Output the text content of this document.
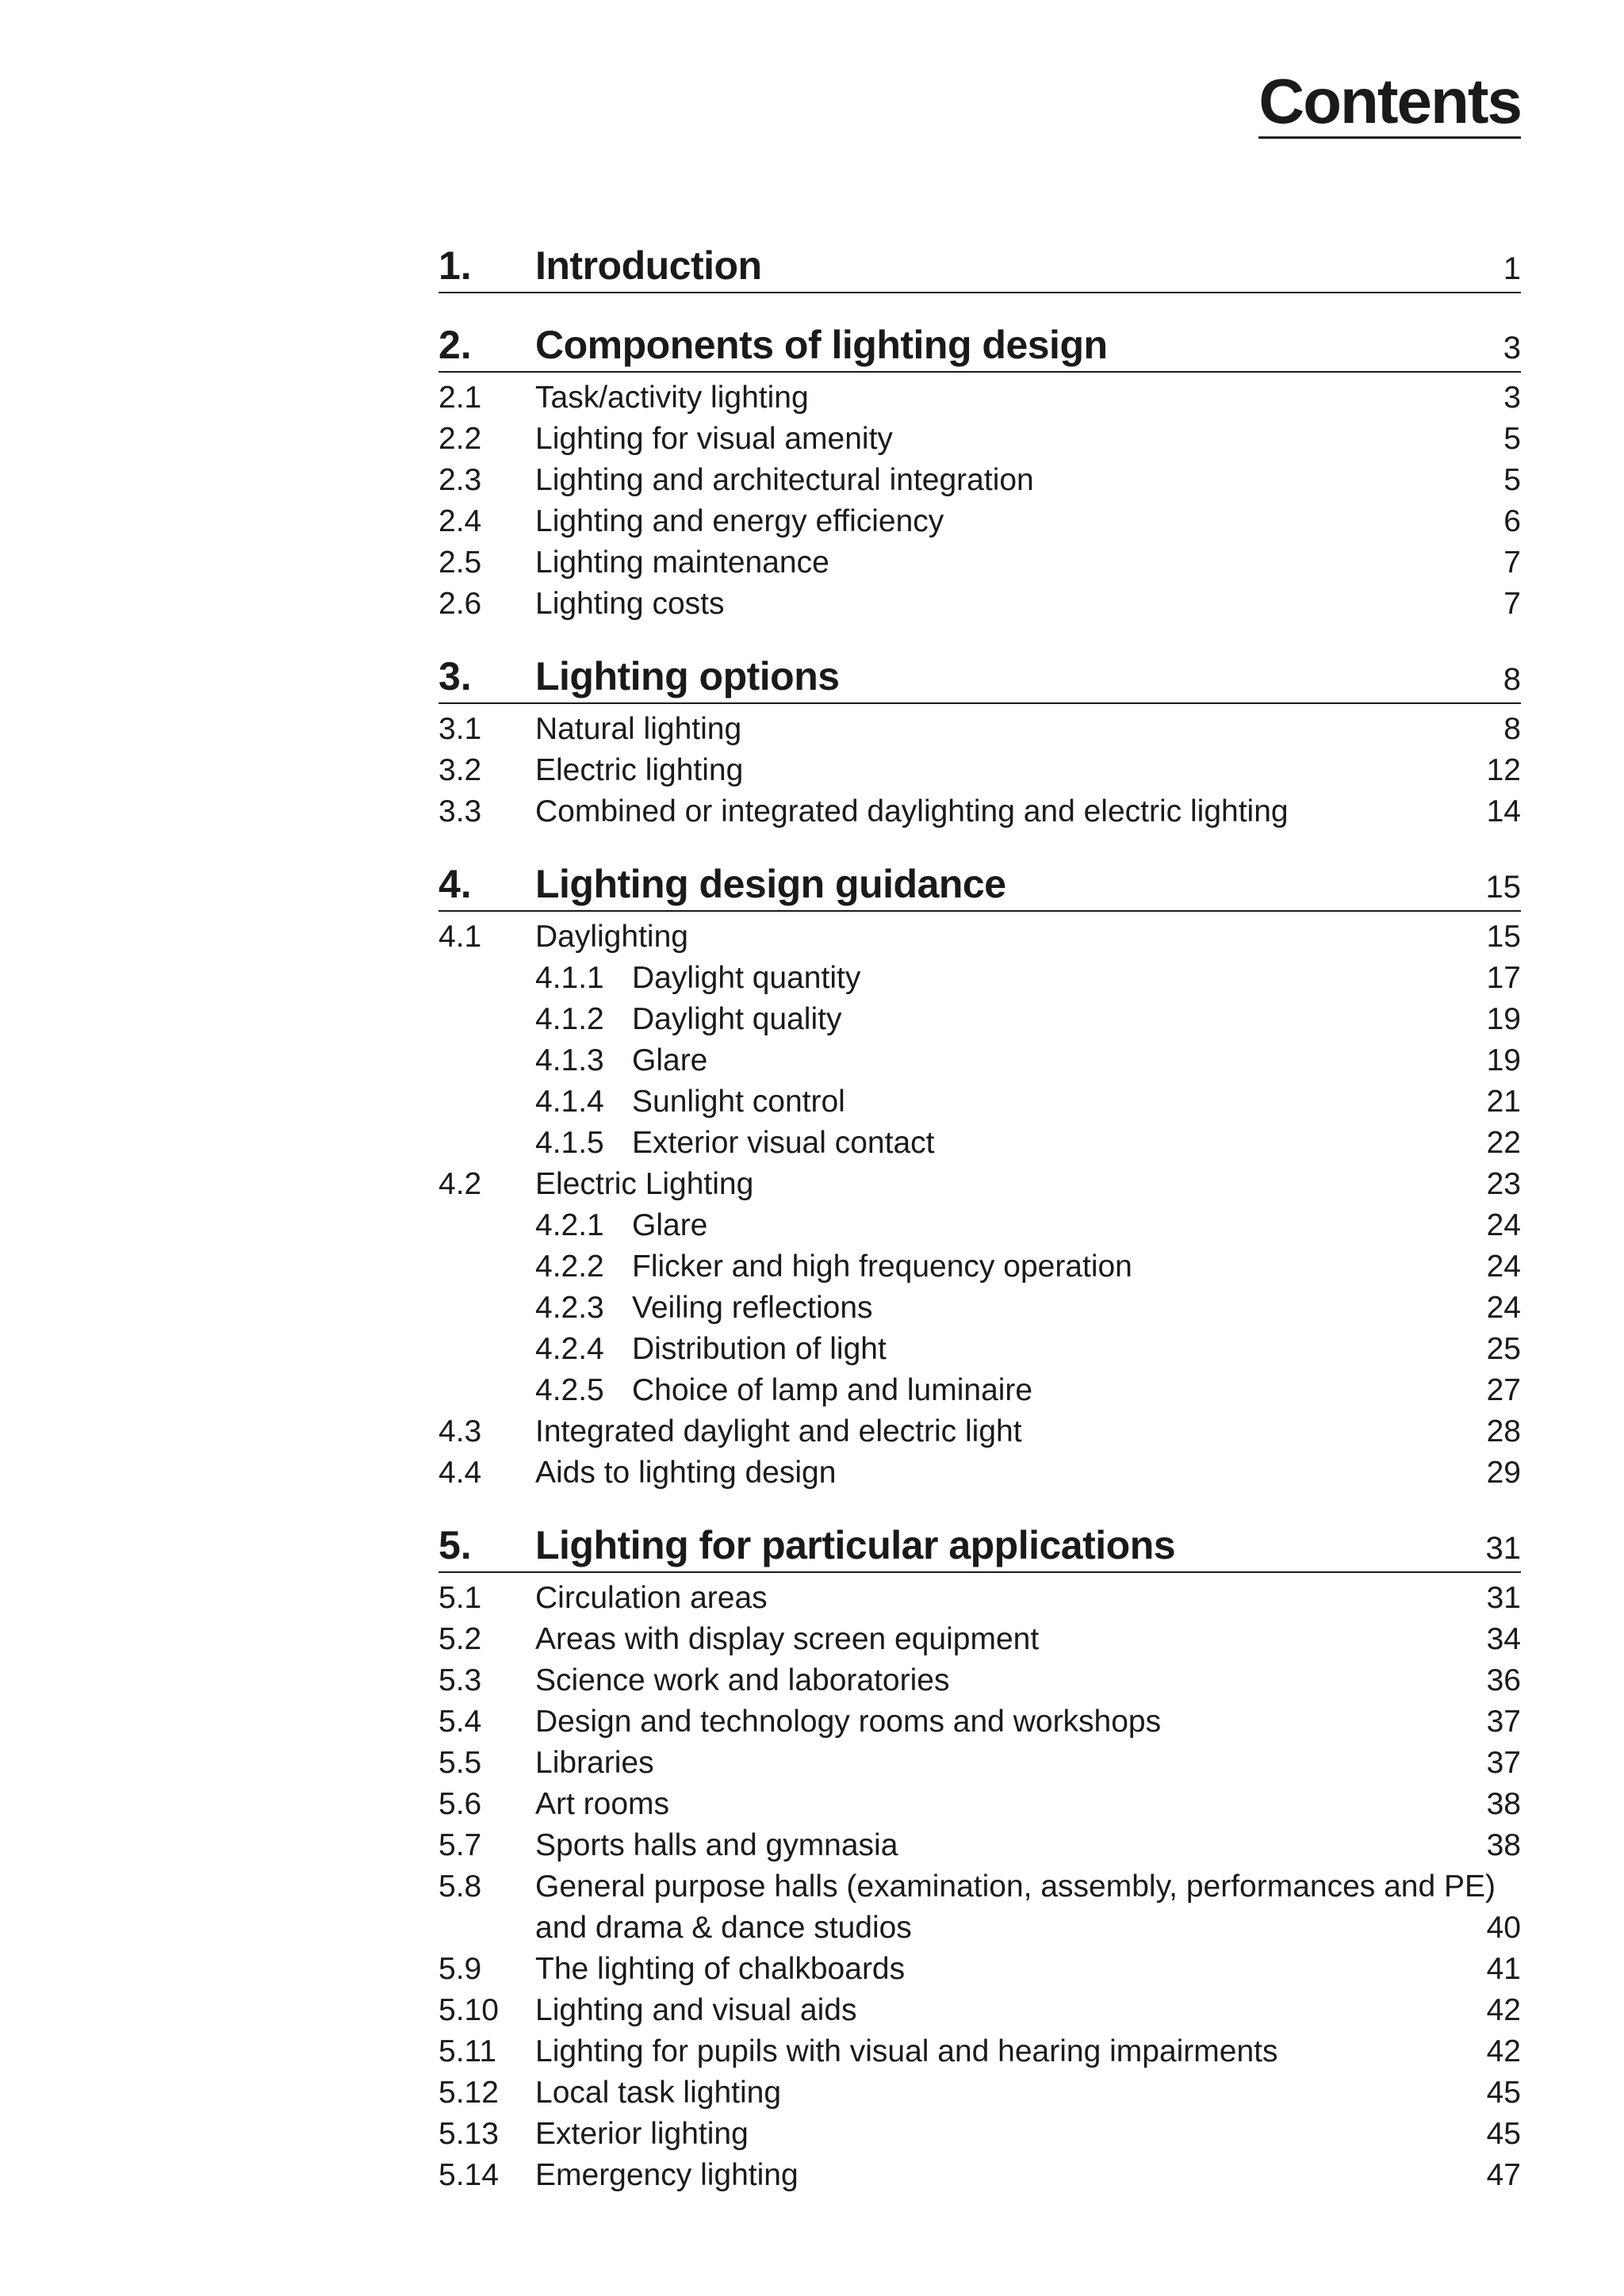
Contents
1.	Introduction	1
2.	Components of lighting design	3
2.1	Task/activity lighting	3
2.2	Lighting for visual amenity	5
2.3	Lighting and architectural integration	5
2.4	Lighting and energy efficiency	6
2.5	Lighting maintenance	7
2.6	Lighting costs	7
3.	Lighting options	8
3.1	Natural lighting	8
3.2	Electric lighting	12
3.3	Combined or integrated daylighting and electric lighting	14
4.	Lighting design guidance	15
4.1	Daylighting	15
4.1.1 Daylight quantity	17
4.1.2 Daylight quality	19
4.1.3 Glare	19
4.1.4 Sunlight control	21
4.1.5 Exterior visual contact	22
4.2	Electric Lighting	23
4.2.1 Glare	24
4.2.2 Flicker and high frequency operation	24
4.2.3 Veiling reflections	24
4.2.4 Distribution of light	25
4.2.5 Choice of lamp and luminaire	27
4.3	Integrated daylight and electric light	28
4.4	Aids to lighting design	29
5.	Lighting for particular applications	31
5.1	Circulation areas	31
5.2	Areas with display screen equipment	34
5.3	Science work and laboratories	36
5.4	Design and technology rooms and workshops	37
5.5	Libraries	37
5.6	Art rooms	38
5.7	Sports halls and gymnasia	38
5.8	General purpose halls (examination, assembly, performances and PE)
and drama & dance studios	40
5.9	The lighting of chalkboards	41
5.10	Lighting and visual aids	42
5.11	Lighting for pupils with visual and hearing impairments	42
5.12	Local task lighting	45
5.13	Exterior lighting	45
5.14	Emergency lighting	47
